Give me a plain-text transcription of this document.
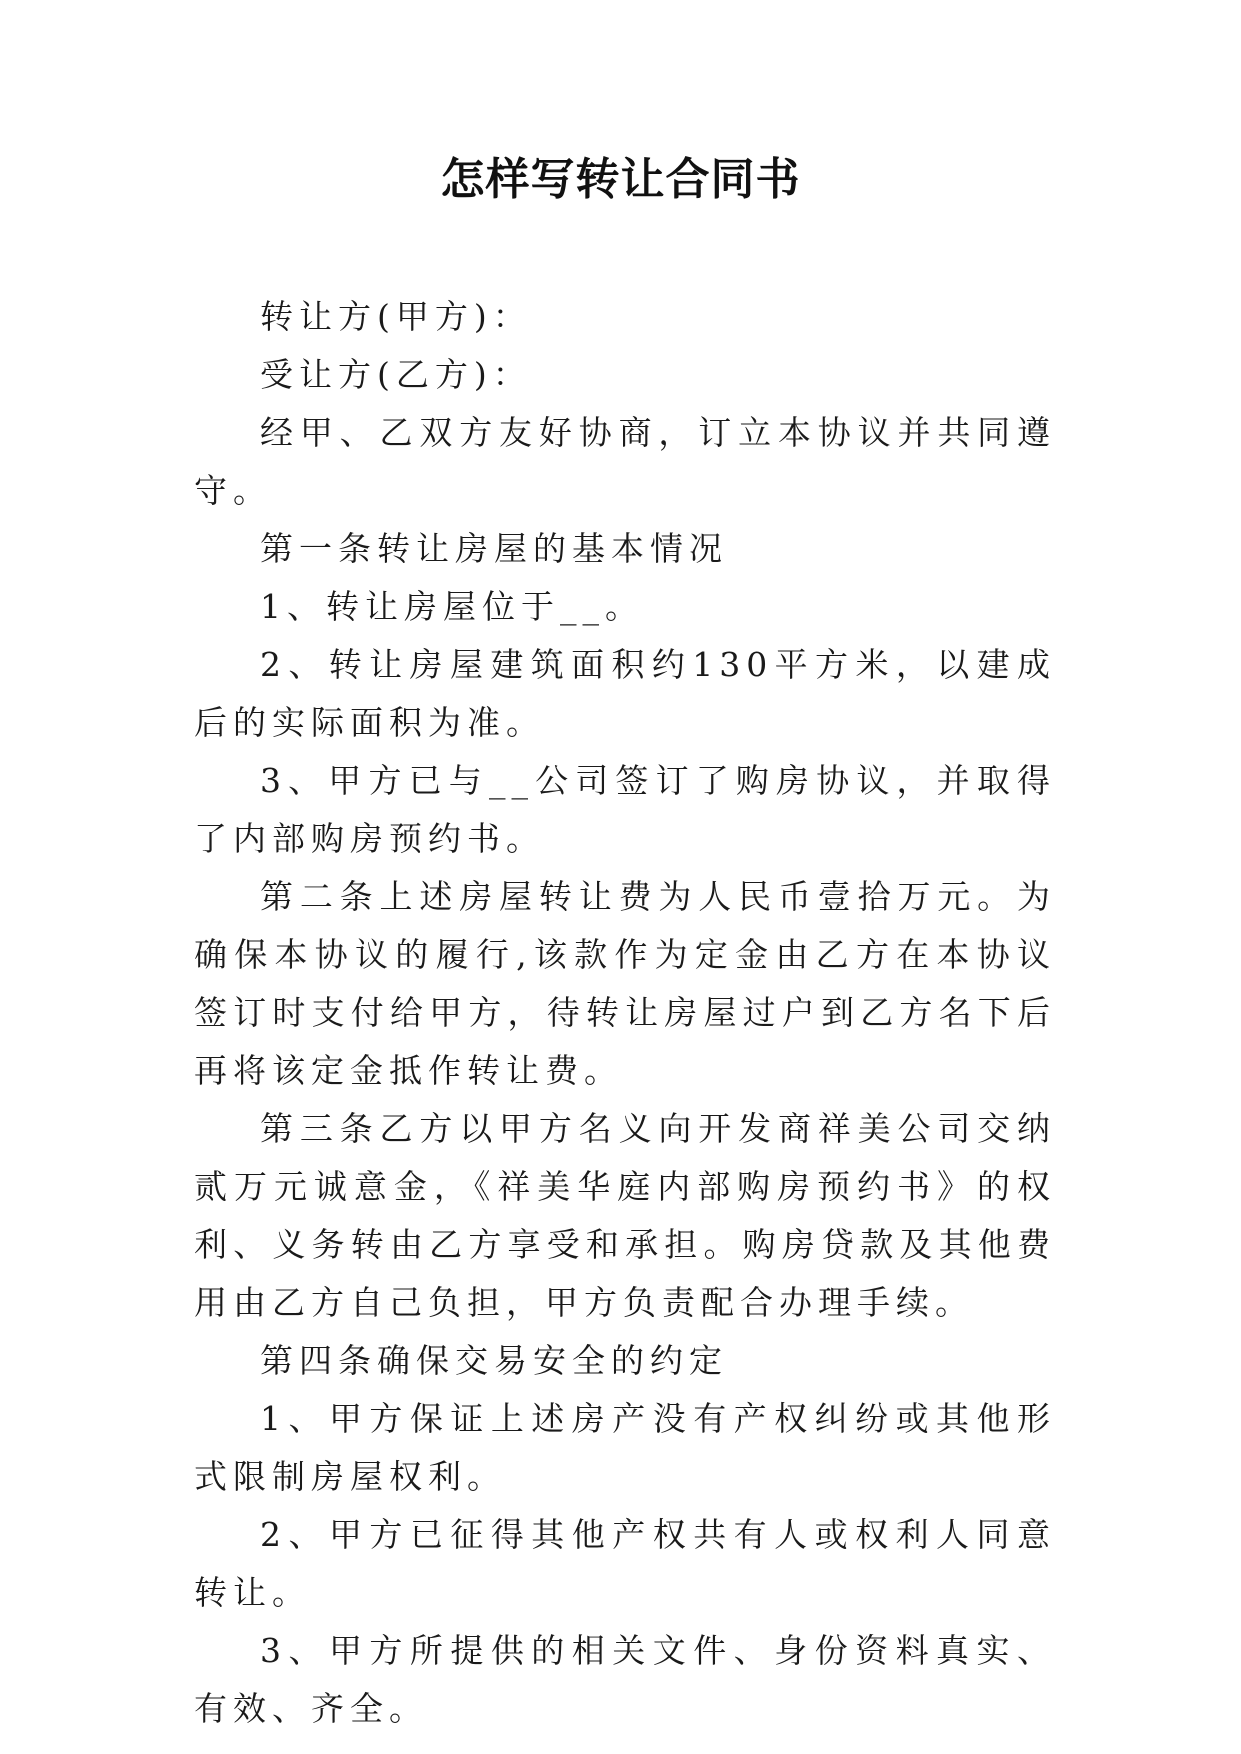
怎样写转让合同书

转让方(甲方)：

受让方(乙方)：

经甲、乙双方友好协商，订立本协议并共同遵守。

第一条转让房屋的基本情况

1、转让房屋位于__。

2、转让房屋建筑面积约130平方米，以建成后的实际面积为准。

3、甲方已与__公司签订了购房协议，并取得了内部购房预约书。

第二条上述房屋转让费为人民币壹拾万元。为确保本协议的履行,该款作为定金由乙方在本协议签订时支付给甲方，待转让房屋过户到乙方名下后再将该定金抵作转让费。

第三条乙方以甲方名义向开发商祥美公司交纳贰万元诚意金，《祥美华庭内部购房预约书》的权利、义务转由乙方享受和承担。购房贷款及其他费用由乙方自己负担，甲方负责配合办理手续。

第四条确保交易安全的约定

1、甲方保证上述房产没有产权纠纷或其他形式限制房屋权利。

2、甲方已征得其他产权共有人或权利人同意转让。

3、甲方所提供的相关文件、身份资料真实、有效、齐全。
